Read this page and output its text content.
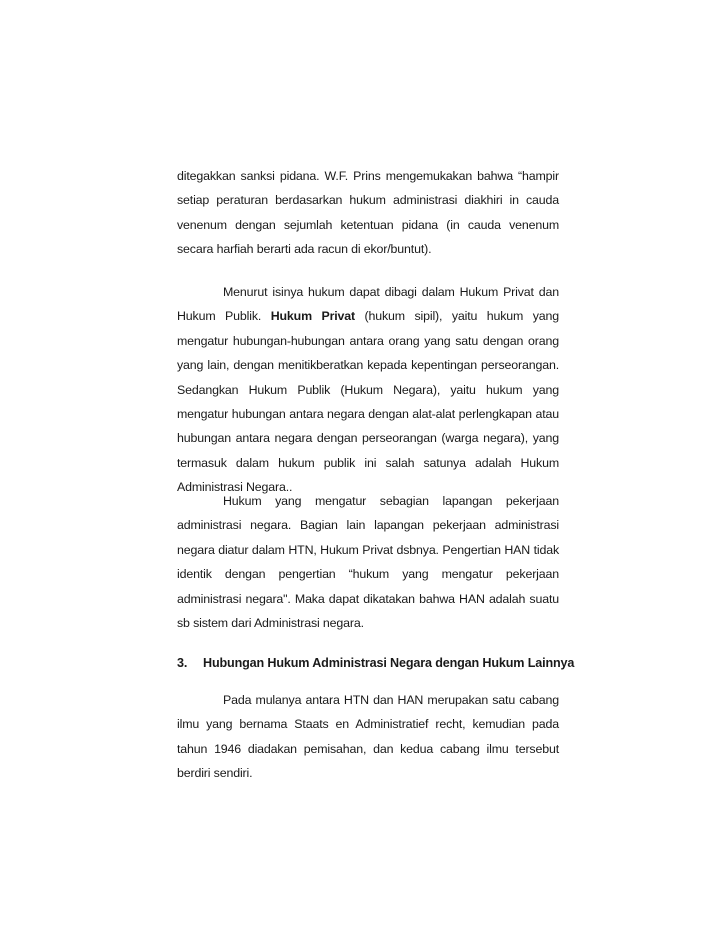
ditegakkan sanksi pidana. W.F. Prins mengemukakan bahwa “hampir setiap peraturan berdasarkan hukum administrasi diakhiri in cauda venenum dengan sejumlah ketentuan pidana (in cauda venenum secara harfiah berarti ada racun di ekor/buntut).

Menurut isinya hukum dapat dibagi dalam Hukum Privat dan Hukum Publik. Hukum Privat (hukum sipil), yaitu hukum yang mengatur hubungan-hubungan antara orang yang satu dengan orang yang lain, dengan menitikberatkan kepada kepentingan perseorangan. Sedangkan Hukum Publik (Hukum Negara), yaitu hukum yang mengatur hubungan antara negara dengan alat-alat perlengkapan atau hubungan antara negara dengan perseorangan (warga negara), yang termasuk dalam hukum publik ini salah satunya adalah Hukum Administrasi Negara..

Hukum yang mengatur sebagian lapangan pekerjaan administrasi negara. Bagian lain lapangan pekerjaan administrasi negara diatur dalam HTN, Hukum Privat dsbnya. Pengertian HAN tidak identik dengan pengertian “hukum yang mengatur pekerjaan administrasi negara". Maka dapat dikatakan bahwa HAN adalah suatu sb sistem dari Administrasi negara.

3. Hubungan Hukum Administrasi Negara dengan Hukum Lainnya

Pada mulanya antara HTN dan HAN merupakan satu cabang ilmu yang bernama Staats en Administratief recht, kemudian pada tahun 1946 diadakan pemisahan, dan kedua cabang ilmu tersebut berdiri sendiri.
